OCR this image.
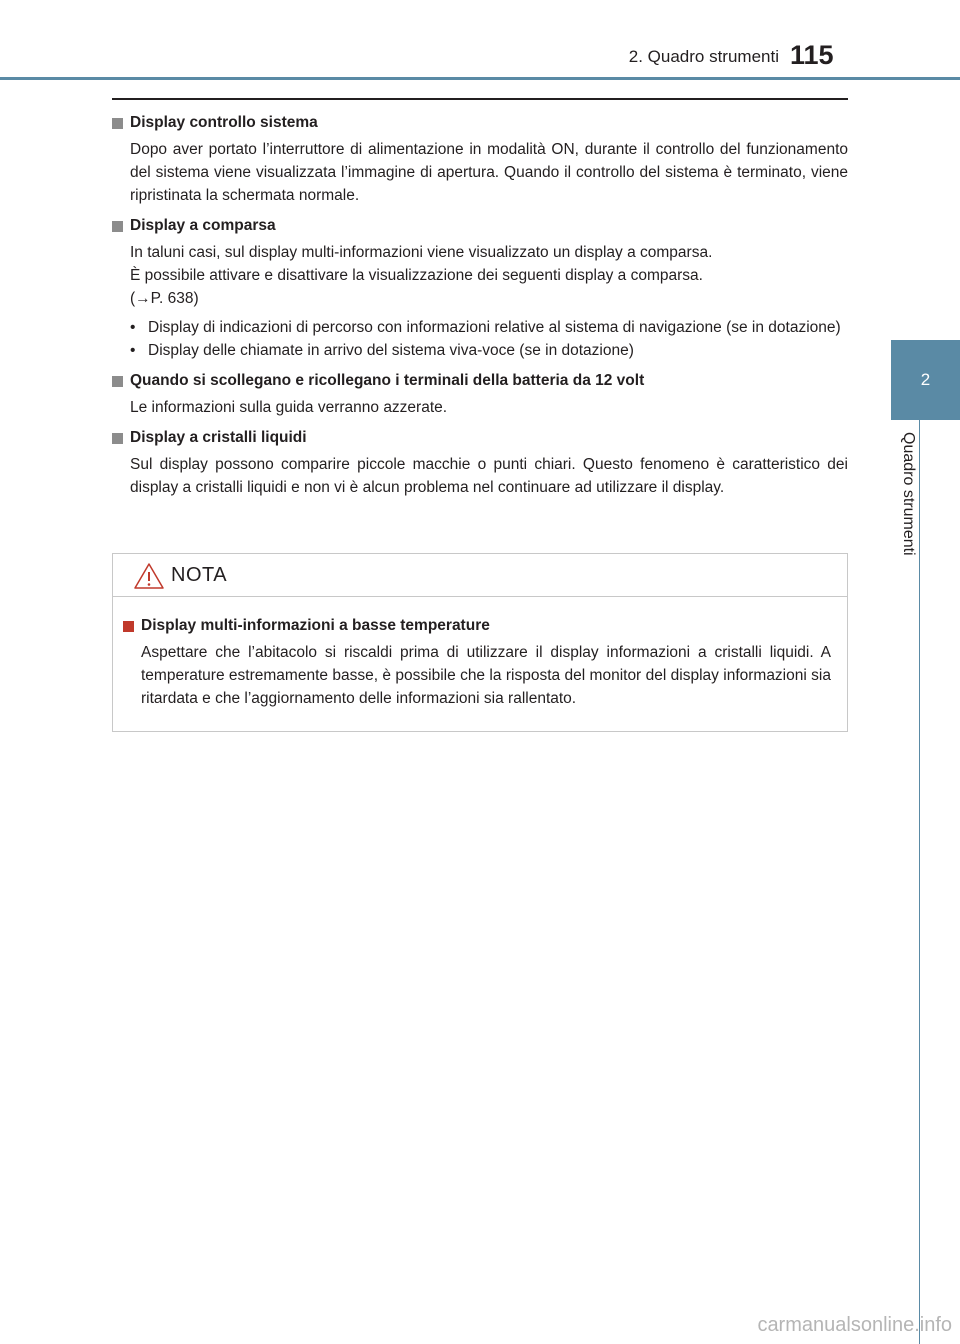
2. Quadro strumenti 115
2
Quadro strumenti
Display controllo sistema
Dopo aver portato l’interruttore di alimentazione in modalità ON, durante il controllo del funzionamento del sistema viene visualizzata l’immagine di apertura. Quando il controllo del sistema è terminato, viene ripristinata la schermata normale.
Display a comparsa
In taluni casi, sul display multi-informazioni viene visualizzato un display a comparsa.
È possibile attivare e disattivare la visualizzazione dei seguenti display a comparsa.
(→P. 638)
• Display di indicazioni di percorso con informazioni relative al sistema di navigazione (se in dotazione)
• Display delle chiamate in arrivo del sistema viva-voce (se in dotazione)
Quando si scollegano e ricollegano i terminali della batteria da 12 volt
Le informazioni sulla guida verranno azzerate.
Display a cristalli liquidi
Sul display possono comparire piccole macchie o punti chiari. Questo fenomeno è caratteristico dei display a cristalli liquidi e non vi è alcun problema nel continuare ad utilizzare il display.
NOTA
Display multi-informazioni a basse temperature
Aspettare che l’abitacolo si riscaldi prima di utilizzare il display informazioni a cristalli liquidi. A temperature estremamente basse, è possibile che la risposta del monitor del display informazioni sia ritardata e che l’aggiornamento delle informazioni sia rallentato.
carmanualsonline.info
